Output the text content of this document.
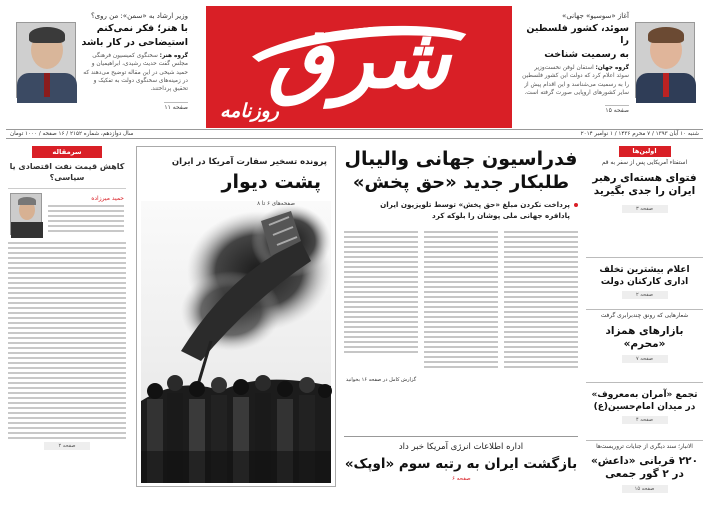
وزیر ارشاد به «سمن»: من روی؟
با هنر؛ فکر نمی‌کنم
استیضاحی در کار باشد
گروه هنر: سخنگوی کمیسیون فرهنگی مجلس گفت حدیث رشیدی، ابراهیمیان و حمید شیخی در این مقاله توضیح می‌دهند که در زمینه‌های سخنگوی دولت به تفکیک و تحقیق پرداختند.
صفحه ۱۱
شرق
روزنامه
آغاز «سوسیو» جهانی»
سوئد، کشور فلسطین را
به رسمیت شناخت
گروه جهان: استفان لوفن نخست‌وزیر سوئد اعلام کرد که دولت این کشور فلسطین را به رسمیت می‌شناسد و این اقدام پیش از سایر کشورهای اروپایی صورت گرفته است.
صفحه ۱۵
شنبه ۱۰ آبان ۱۳۹۳ / ۷ محرم ۱۴۳۶ / ۱ نوامبر ۲۰۱۴
سال دوازدهم، شماره ۲۱۵۲ / ۱۶ صفحه / ۱۰۰۰ تومان
اولین‌ها
استفتاء آمریکایی پس از سفر به قم
فتوای هسته‌ای رهبر ایران را جدی بگیرید
صفحه ۳
اعلام بیشترین تخلف اداری کارکنان دولت
صفحه ۲
شعارهایی که رونق چندبرابری گرفت
بازارهای همزاد «محرم»
صفحه ۷
تجمع «آمران به‌معروف» در میدان امام‌حسین(ع)
صفحه ۴
الانبار؛ سند دیگری از جنایات تروریست‌ها
۲۲۰ قربانی «داعش» در ۲ گور جمعی
صفحه ۱۵
فدراسیون جهانی والیبال
طلبکار جدید «حق پخش»
پرداخت نکردن مبلغ «حق پخش» توسط تلویزیون ایران
پادافره جهانی ملی پوشان را بلوکه کرد
گزارش کامل در صفحه ۱۶ بخوانید
اداره اطلاعات انرژی آمریکا خبر داد
بازگشت ایران به رتبه سوم «اوپک»
صفحه ۶
پرونده تسخیر سفارت آمریکا در ایران
پشت دیوار
صفحه‌های ۶ تا ۸
سرمقاله
کاهش قیمت نفت اقتصادی یا سیاسی؟
حمید میرزاده
صفحه ۲
